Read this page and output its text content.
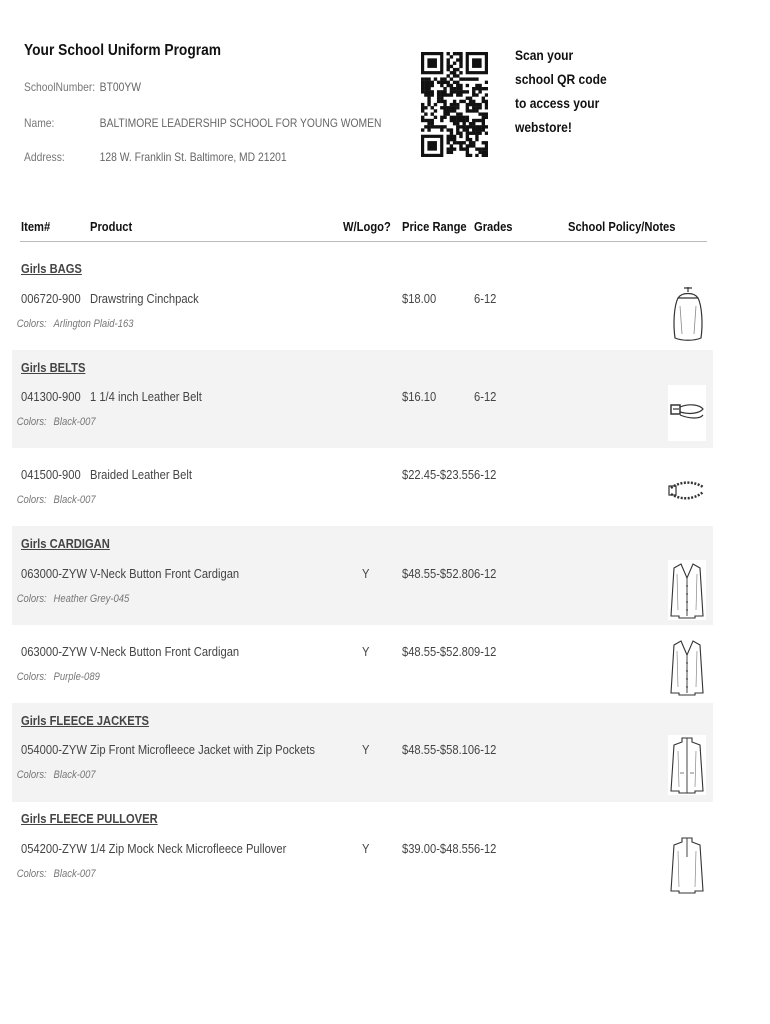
Your School Uniform Program
SchoolNumber: BT00YW
Name:	BALTIMORE LEADERSHIP SCHOOL FOR YOUNG WOMEN
Address:	128 W. Franklin St. Baltimore, MD 21201
Scan your
school QR code
to access your
webstore!
Item#	Product	W/Logo? Price Range Grades	School Policy/Notes
Girls BAGS
Girls BELTS
Girls CARDIGAN
Girls FLEECE JACKETS
Girls FLEECE PULLOVER
006720-900 Drawstring Cinchpack	$18.00	6-12
Colors: Arlington Plaid-163
041300-900 1 1/4 inch Leather Belt	$16.10	6-12
Colors: Black-007
041500-900 Braided Leather Belt	$22.45-$23.55 6-12
Colors: Black-007
063000-ZYW V-Neck Button Front Cardigan	Y	$48.55-$52.80 6-12
Colors: Heather Grey-045
063000-ZYW V-Neck Button Front Cardigan	Y	$48.55-$52.80 9-12
Colors: Purple-089
054000-ZYW Zip Front Microfleece Jacket with Zip Pockets	Y	$48.55-$58.10 6-12
Colors: Black-007
054200-ZYW 1/4 Zip Mock Neck Microfleece Pullover	Y	$39.00-$48.55 6-12
Colors: Black-007
